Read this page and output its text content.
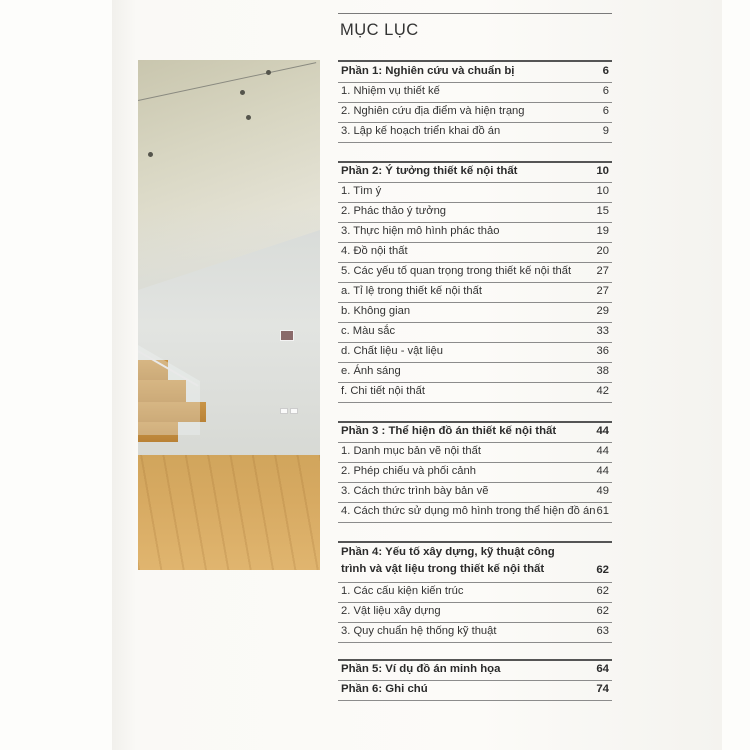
MỤC LỤC
Phần 1: Nghiên cứu và chuẩn bị	6
1. Nhiệm vụ thiết kế	6
2. Nghiên cứu địa điểm và hiện trạng	6
3. Lập kế hoạch triển khai đồ án	9
Phần 2: Ý tưởng thiết kế nội thất	10
1. Tìm ý	10
2. Phác thảo ý tưởng	15
3. Thực hiện mô hình phác thảo	19
4. Đồ nội thất	20
5. Các yếu tố quan trọng trong thiết kế nội thất 27
a. Tỉ lệ trong thiết kế nội thất	27
b. Không gian	29
c. Màu sắc	33
d. Chất liệu - vật liệu	36
e. Ánh sáng	38
f. Chi tiết nội thất	42
Phần 3 : Thể hiện đồ án thiết kế nội thất	44
1. Danh mục bản vẽ nội thất	44
2. Phép chiếu và phối cảnh	44
3. Cách thức trình bày bản vẽ	49
4. Cách thức sử dụng mô hình trong thể hiện đồ án 61
Phần 4: Yếu tố xây dựng, kỹ thuật công trình và vật liệu trong thiết kế nội thất	62
1. Các cấu kiện kiến trúc	62
2. Vật liệu xây dựng	62
3. Quy chuẩn hệ thống kỹ thuật	63
Phần 5: Ví dụ đồ án minh họa	64
Phần 6: Ghi chú	74
